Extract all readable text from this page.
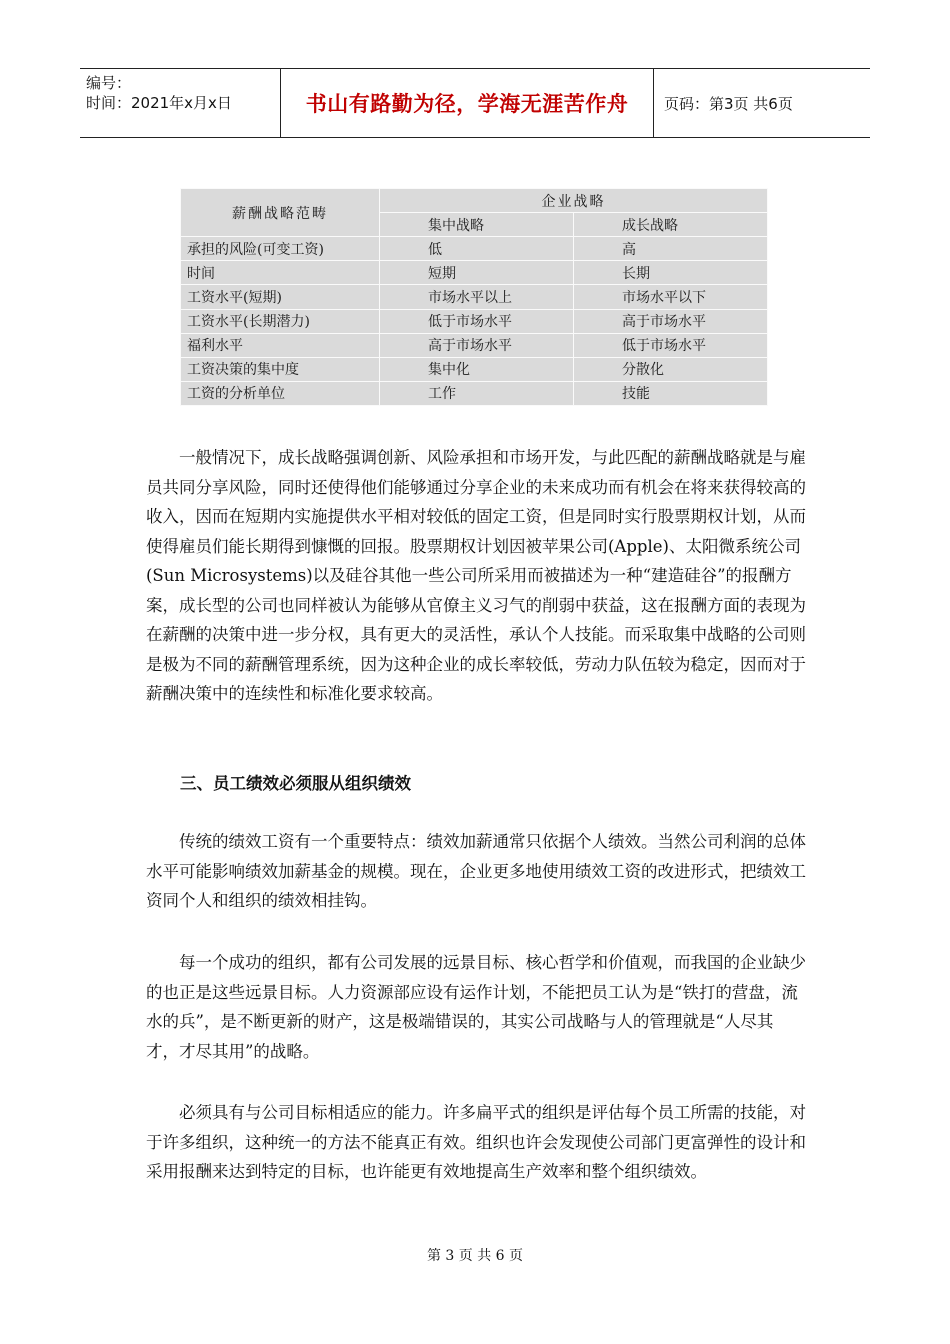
编号：
时间：2021年x月x日	书山有路勤为径，学海无涯苦作舟	页码：第3页 共6页
薪酬战略范畴	企业战略	
	集中战略	成长战略
承担的风险(可变工资)	低	高
时间	短期	长期
工资水平(短期)	市场水平以上	市场水平以下
工资水平(长期潜力)	低于市场水平	高于市场水平
福利水平	高于市场水平	低于市场水平
工资决策的集中度	集中化	分散化
工资的分析单位	工作	技能

一般情况下，成长战略强调创新、风险承担和市场开发，与此匹配的薪酬战略就是与雇员共同分享风险，同时还使得他们能够通过分享企业的未来成功而有机会在将来获得较高的收入，因而在短期内实施提供水平相对较低的固定工资，但是同时实行股票期权计划，从而使得雇员们能长期得到慷慨的回报。股票期权计划因被苹果公司(Apple)、太阳微系统公司(Sun Microsystems)以及硅谷其他一些公司所采用而被描述为一种“建造硅谷”的报酬方案，成长型的公司也同样被认为能够从官僚主义习气的削弱中获益，这在报酬方面的表现为在薪酬的决策中进一步分权，具有更大的灵活性，承认个人技能。而采取集中战略的公司则是极为不同的薪酬管理系统，因为这种企业的成长率较低，劳动力队伍较为稳定，因而对于薪酬决策中的连续性和标准化要求较高。

三、员工绩效必须服从组织绩效

传统的绩效工资有一个重要特点：绩效加薪通常只依据个人绩效。当然公司利润的总体水平可能影响绩效加薪基金的规模。现在，企业更多地使用绩效工资的改进形式，把绩效工资同个人和组织的绩效相挂钩。

每一个成功的组织，都有公司发展的远景目标、核心哲学和价值观，而我国的企业缺少的也正是这些远景目标。人力资源部应设有运作计划，不能把员工认为是“铁打的营盘，流水的兵”，是不断更新的财产，这是极端错误的，其实公司战略与人的管理就是“人尽其才，才尽其用”的战略。

必须具有与公司目标相适应的能力。许多扁平式的组织是评估每个员工所需的技能，对于许多组织，这种统一的方法不能真正有效。组织也许会发现使公司部门更富弹性的设计和采用报酬来达到特定的目标，也许能更有效地提高生产效率和整个组织绩效。

第 3 页 共 6 页
